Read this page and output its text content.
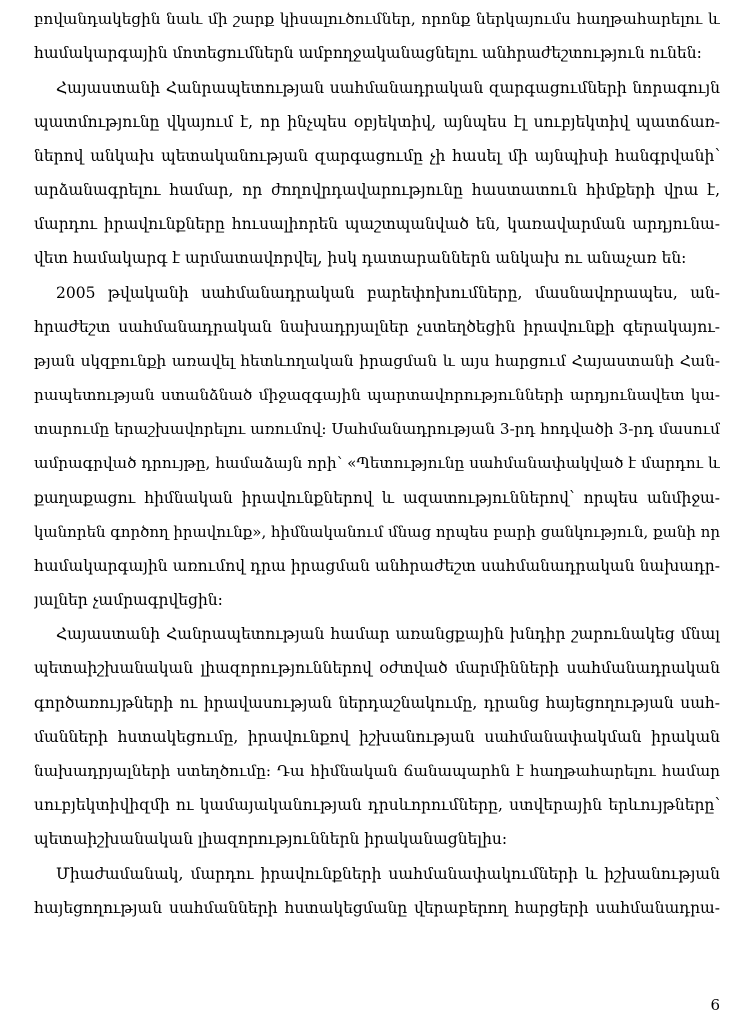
բովանդակեցին նաև մի շարք կիսալուծումներ, որոնք ներկայումս հաղթահարելու և
համակարգային մոտեցումներն ամբողջականացնելու անհրաժեշտություն ունեն:
Հայաստանի Հանրապետության սահմանադրական զարգացումների նորագույն
պատմությունը վկայում է, որ ինչպես օբյեկտիվ, այնպես էլ սուբյեկտիվ պատճառ-
ներով անկախ պետականության զարգացումը չի հասել մի այնպիսի հանգրվանի՝
արձանագրելու համար, որ ժողովրդավարությունը հաստատուն հիմքերի վրա է,
մարդու իրավունքները հուսալիորեն պաշտպանված են, կառավարման արդյունա-
վետ համակարգ է արմատավորվել, իսկ դատարաններն անկախ ու անաչառ են:
2005 թվականի սահմանադրական բարեփոխումները, մասնավորապես, ան-
հրաժեշտ սահմանադրական նախադրյալներ չստեղծեցին իրավունքի գերակայու-
թյան սկզբունքի առավել հետևողական իրացման և այս հարցում Հայաստանի Հան-
րապետության ստանձնած միջազգային պարտավորությունների արդյունավետ կա-
տարումը երաշխավորելու առումով: Սահմանադրության 3-րդ հոդվածի 3-րդ մասում
ամրագրված դրույթը, համաձայն որի՝ «Պետությունը սահմանափակված է մարդու և
քաղաքացու հիմնական իրավունքներով և ազատություններով՝ որպես անմիջա-
կանորեն գործող իրավունք», հիմնականում մնաց որպես բարի ցանկություն, քանի որ
համակարգային առումով դրա իրացման անհրաժեշտ սահմանադրական նախադր-
յալներ չամրագրվեցին:
Հայաստանի Հանրապետության համար առանցքային խնդիր շարունակեց մնալ
պետաիշխանական լիազորություններով օժտված մարմինների սահմանադրական
գործառույթների ու իրավասության ներդաշնակումը, դրանց հայեցողության սահ-
մանների հստակեցումը, իրավունքով իշխանության սահմանափակման իրական
նախադրյալների ստեղծումը: Դա հիմնական ճանապարհն է հաղթահարելու համար
սուբյեկտիվիզմի ու կամայականության դրսևորումները, ստվերային երևույթները՝
պետաիշխանական լիազորություններն իրականացնելիս:
Միաժամանակ, մարդու իրավունքների սահմանափակումների և իշխանության
հայեցողության սահմանների հստակեցմանը վերաբերող հարցերի սահմանադրա-
6
